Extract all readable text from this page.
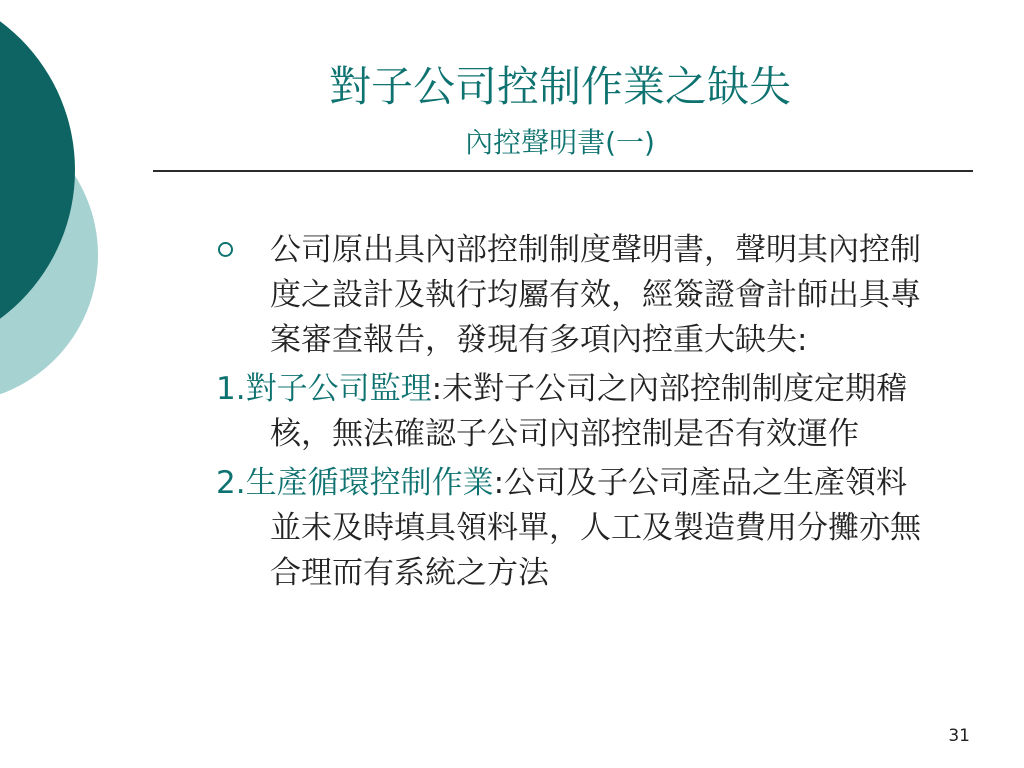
對子公司控制作業之缺失
內控聲明書(一)
公司原出具內部控制制度聲明書，聲明其內控制度之設計及執行均屬有效，經簽證會計師出具專案審查報告，發現有多項內控重大缺失:
1.對子公司監理:未對子公司之內部控制制度定期稽核，無法確認子公司內部控制是否有效運作
2.生產循環控制作業:公司及子公司產品之生產領料並未及時填具領料單，人工及製造費用分攤亦無合理而有系統之方法
31
